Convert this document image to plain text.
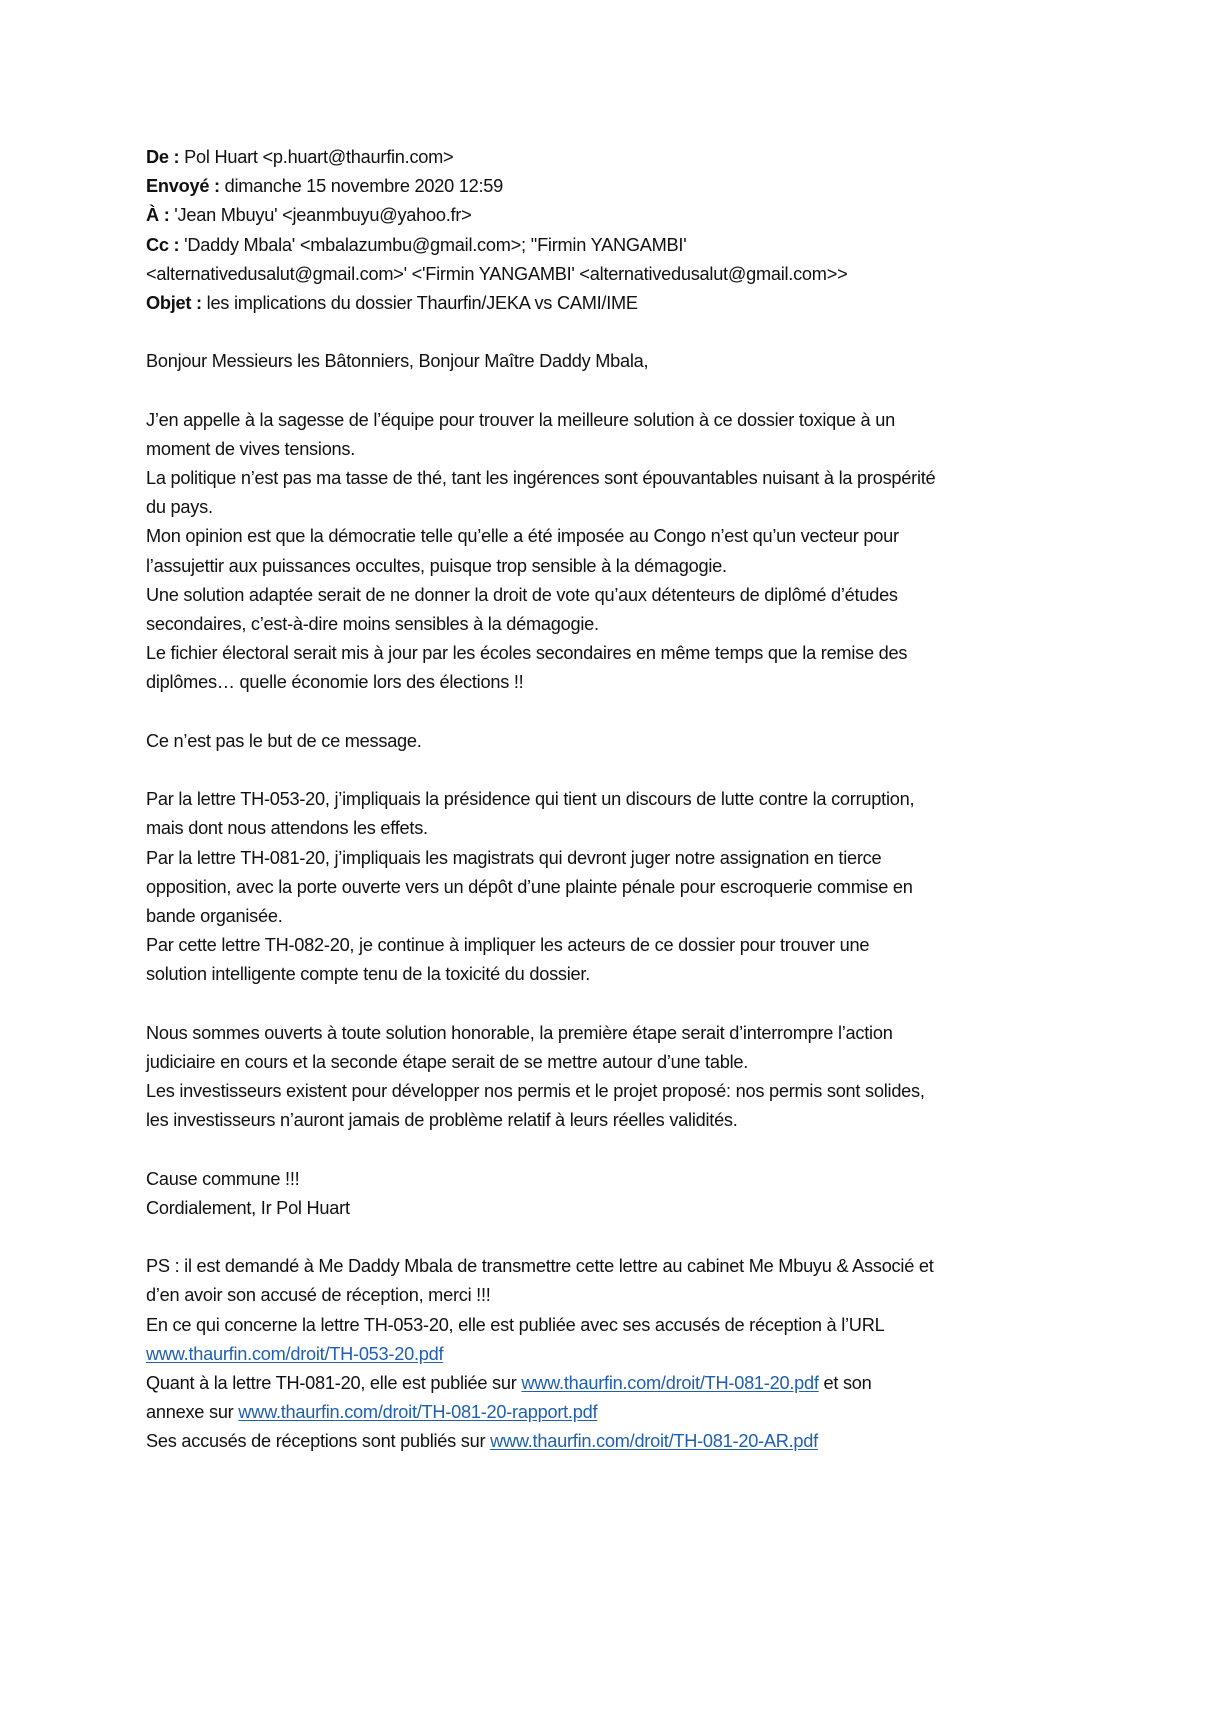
De : Pol Huart <p.huart@thaurfin.com>
Envoyé : dimanche 15 novembre 2020 12:59
À : 'Jean Mbuyu' <jeanmbuyu@yahoo.fr>
Cc : 'Daddy Mbala' <mbalazumbu@gmail.com>; ''Firmin YANGAMBI'
<alternativedusalut@gmail.com>' <'Firmin YANGAMBI' <alternativedusalut@gmail.com>>
Objet : les implications du dossier Thaurfin/JEKA vs CAMI/IME
Bonjour Messieurs les Bâtonniers, Bonjour Maître Daddy Mbala,
J’en appelle à la sagesse de l’équipe pour trouver la meilleure solution à ce dossier toxique à un
moment de vives tensions.
La politique n’est pas ma tasse de thé, tant les ingérences sont épouvantables nuisant à la prospérité
du pays.
Mon opinion est que la démocratie telle qu’elle a été imposée au Congo n’est qu’un vecteur pour
l’assujettir aux puissances occultes, puisque trop sensible à la démagogie.
Une solution adaptée serait de ne donner la droit de vote qu’aux détenteurs de diplômé d’études
secondaires, c’est-à-dire moins sensibles à la démagogie.
Le fichier électoral serait mis à jour par les écoles secondaires en même temps que la remise des
diplômes… quelle économie lors des élections !!
Ce n’est pas le but de ce message.
Par la lettre TH-053-20, j’impliquais la présidence qui tient un discours de lutte contre la corruption,
mais dont nous attendons les effets.
Par la lettre TH-081-20, j’impliquais les magistrats qui devront juger notre assignation en tierce
opposition, avec la porte ouverte vers un dépôt d’une plainte pénale pour escroquerie commise en
bande organisée.
Par cette lettre TH-082-20, je continue à impliquer les acteurs de ce dossier pour trouver une
solution intelligente compte tenu de la toxicité du dossier.
Nous sommes ouverts à toute solution honorable, la première étape serait d’interrompre l’action
judiciaire en cours et la seconde étape serait de se mettre autour d’une table.
Les investisseurs existent pour développer nos permis et le projet proposé: nos permis sont solides,
les investisseurs n’auront jamais de problème relatif à leurs réelles validités.
Cause commune !!!
Cordialement, Ir Pol Huart
PS : il est demandé à Me Daddy Mbala de transmettre cette lettre au cabinet Me Mbuyu & Associé et
d’en avoir son accusé de réception, merci !!!
En ce qui concerne la lettre TH-053-20, elle est publiée avec ses accusés de réception à l’URL
www.thaurfin.com/droit/TH-053-20.pdf
Quant à la lettre TH-081-20, elle est publiée sur www.thaurfin.com/droit/TH-081-20.pdf et son
annexe sur www.thaurfin.com/droit/TH-081-20-rapport.pdf
Ses accusés de réceptions sont publiés sur www.thaurfin.com/droit/TH-081-20-AR.pdf
